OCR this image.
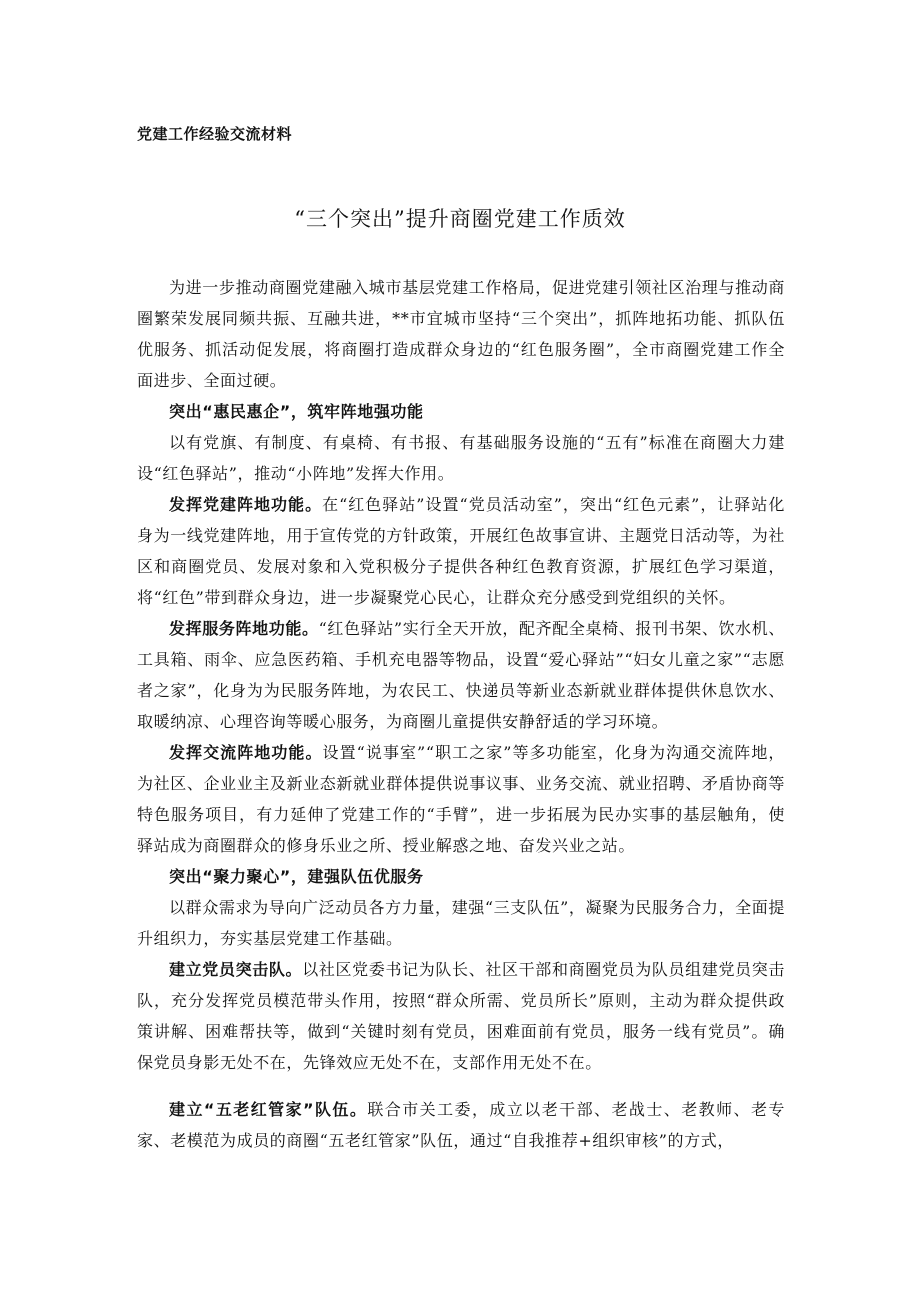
党建工作经验交流材料
“三个突出”提升商圈党建工作质效

为进一步推动商圈党建融入城市基层党建工作格局，促进党建引领社区治理与推动商圈繁荣发展同频共振、互融共进，**市宜城市坚持“三个突出”，抓阵地拓功能、抓队伍优服务、抓活动促发展，将商圈打造成群众身边的“红色服务圈”，全市商圈党建工作全面进步、全面过硬。

突出“惠民惠企”，筑牢阵地强功能

以有党旗、有制度、有桌椅、有书报、有基础服务设施的“五有”标准在商圈大力建设“红色驿站”，推动“小阵地”发挥大作用。

发挥党建阵地功能。在“红色驿站”设置“党员活动室”，突出“红色元素”，让驿站化身为一线党建阵地，用于宣传党的方针政策，开展红色故事宣讲、主题党日活动等，为社区和商圈党员、发展对象和入党积极分子提供各种红色教育资源，扩展红色学习渠道，将“红色”带到群众身边，进一步凝聚党心民心，让群众充分感受到党组织的关怀。

发挥服务阵地功能。“红色驿站”实行全天开放，配齐配全桌椅、报刊书架、饮水机、工具箱、雨伞、应急医药箱、手机充电器等物品，设置“爱心驿站”“妇女儿童之家”“志愿者之家”，化身为为民服务阵地，为农民工、快递员等新业态新就业群体提供休息饮水、取暖纳凉、心理咨询等暖心服务，为商圈儿童提供安静舒适的学习环境。

发挥交流阵地功能。设置“说事室”“职工之家”等多功能室，化身为沟通交流阵地，为社区、企业业主及新业态新就业群体提供说事议事、业务交流、就业招聘、矛盾协商等特色服务项目，有力延伸了党建工作的“手臂”，进一步拓展为民办实事的基层触角，使驿站成为商圈群众的修身乐业之所、授业解惑之地、奋发兴业之站。

突出“聚力聚心”，建强队伍优服务

以群众需求为导向广泛动员各方力量，建强“三支队伍”，凝聚为民服务合力，全面提升组织力，夯实基层党建工作基础。

建立党员突击队。以社区党委书记为队长、社区干部和商圈党员为队员组建党员突击队，充分发挥党员模范带头作用，按照“群众所需、党员所长”原则，主动为群众提供政策讲解、困难帮扶等，做到“关键时刻有党员，困难面前有党员，服务一线有党员”。确保党员身影无处不在，先锋效应无处不在，支部作用无处不在。

建立“五老红管家”队伍。联合市关工委，成立以老干部、老战士、老教师、老专家、老模范为成员的商圈“五老红管家”队伍，通过“自我推荐+组织审核”的方式，
